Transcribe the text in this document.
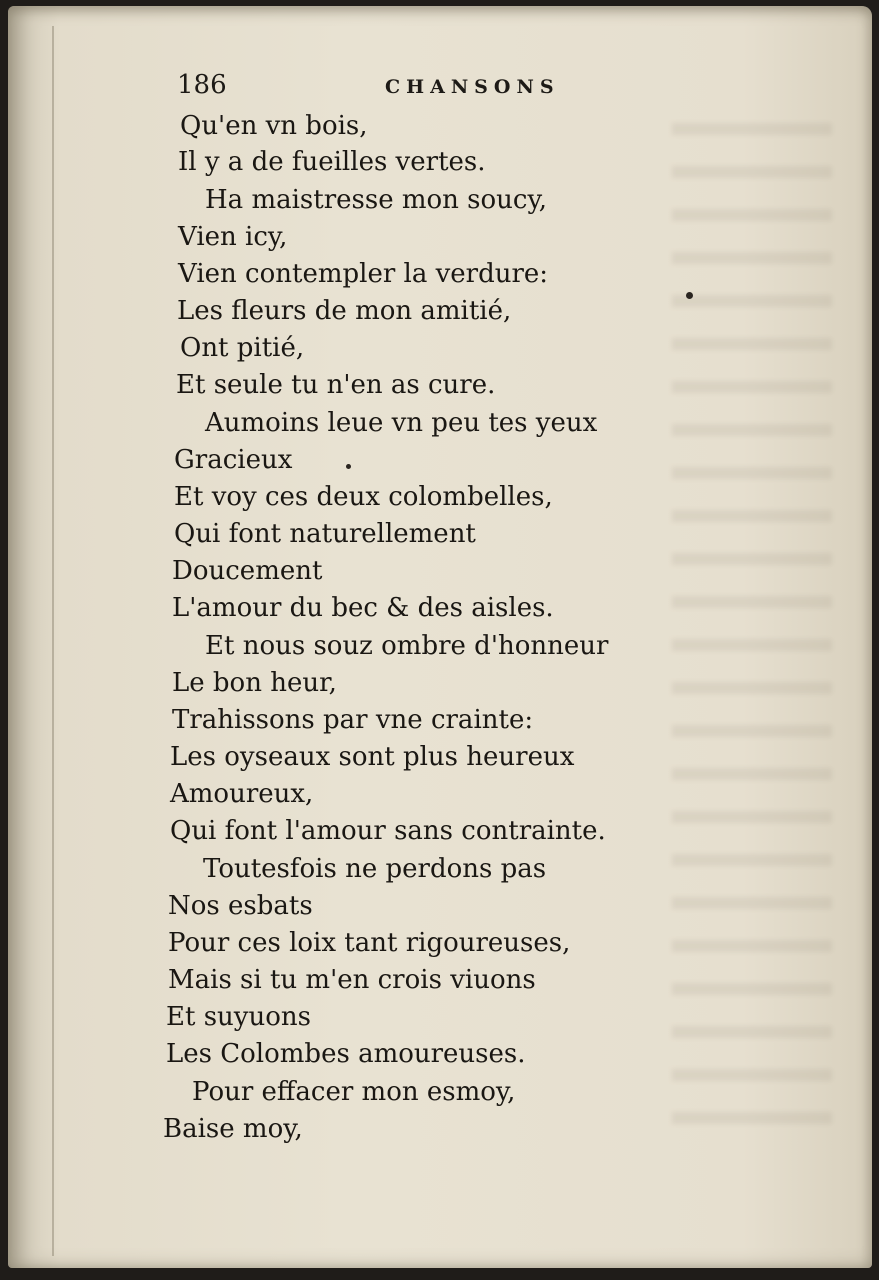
186	CHANSONS
Qu'en vn bois,
Il y a de fueilles vertes.
Ha maistresse mon soucy,
Vien icy,
Vien contempler la verdure:
Les fleurs de mon amitié,
Ont pitié,
Et seule tu n'en as cure.
Aumoins leue vn peu tes yeux
Gracieux
Et voy ces deux colombelles,
Qui font naturellement
Doucement
L'amour du bec & des aisles.
Et nous souz ombre d'honneur
Le bon heur,
Trahissons par vne crainte:
Les oyseaux sont plus heureux
Amoureux,
Qui font l'amour sans contrainte.
Toutesfois ne perdons pas
Nos esbats
Pour ces loix tant rigoureuses,
Mais si tu m'en crois viuons
Et suyuons
Les Colombes amoureuses.
Pour effacer mon esmoy,
Baise moy,
